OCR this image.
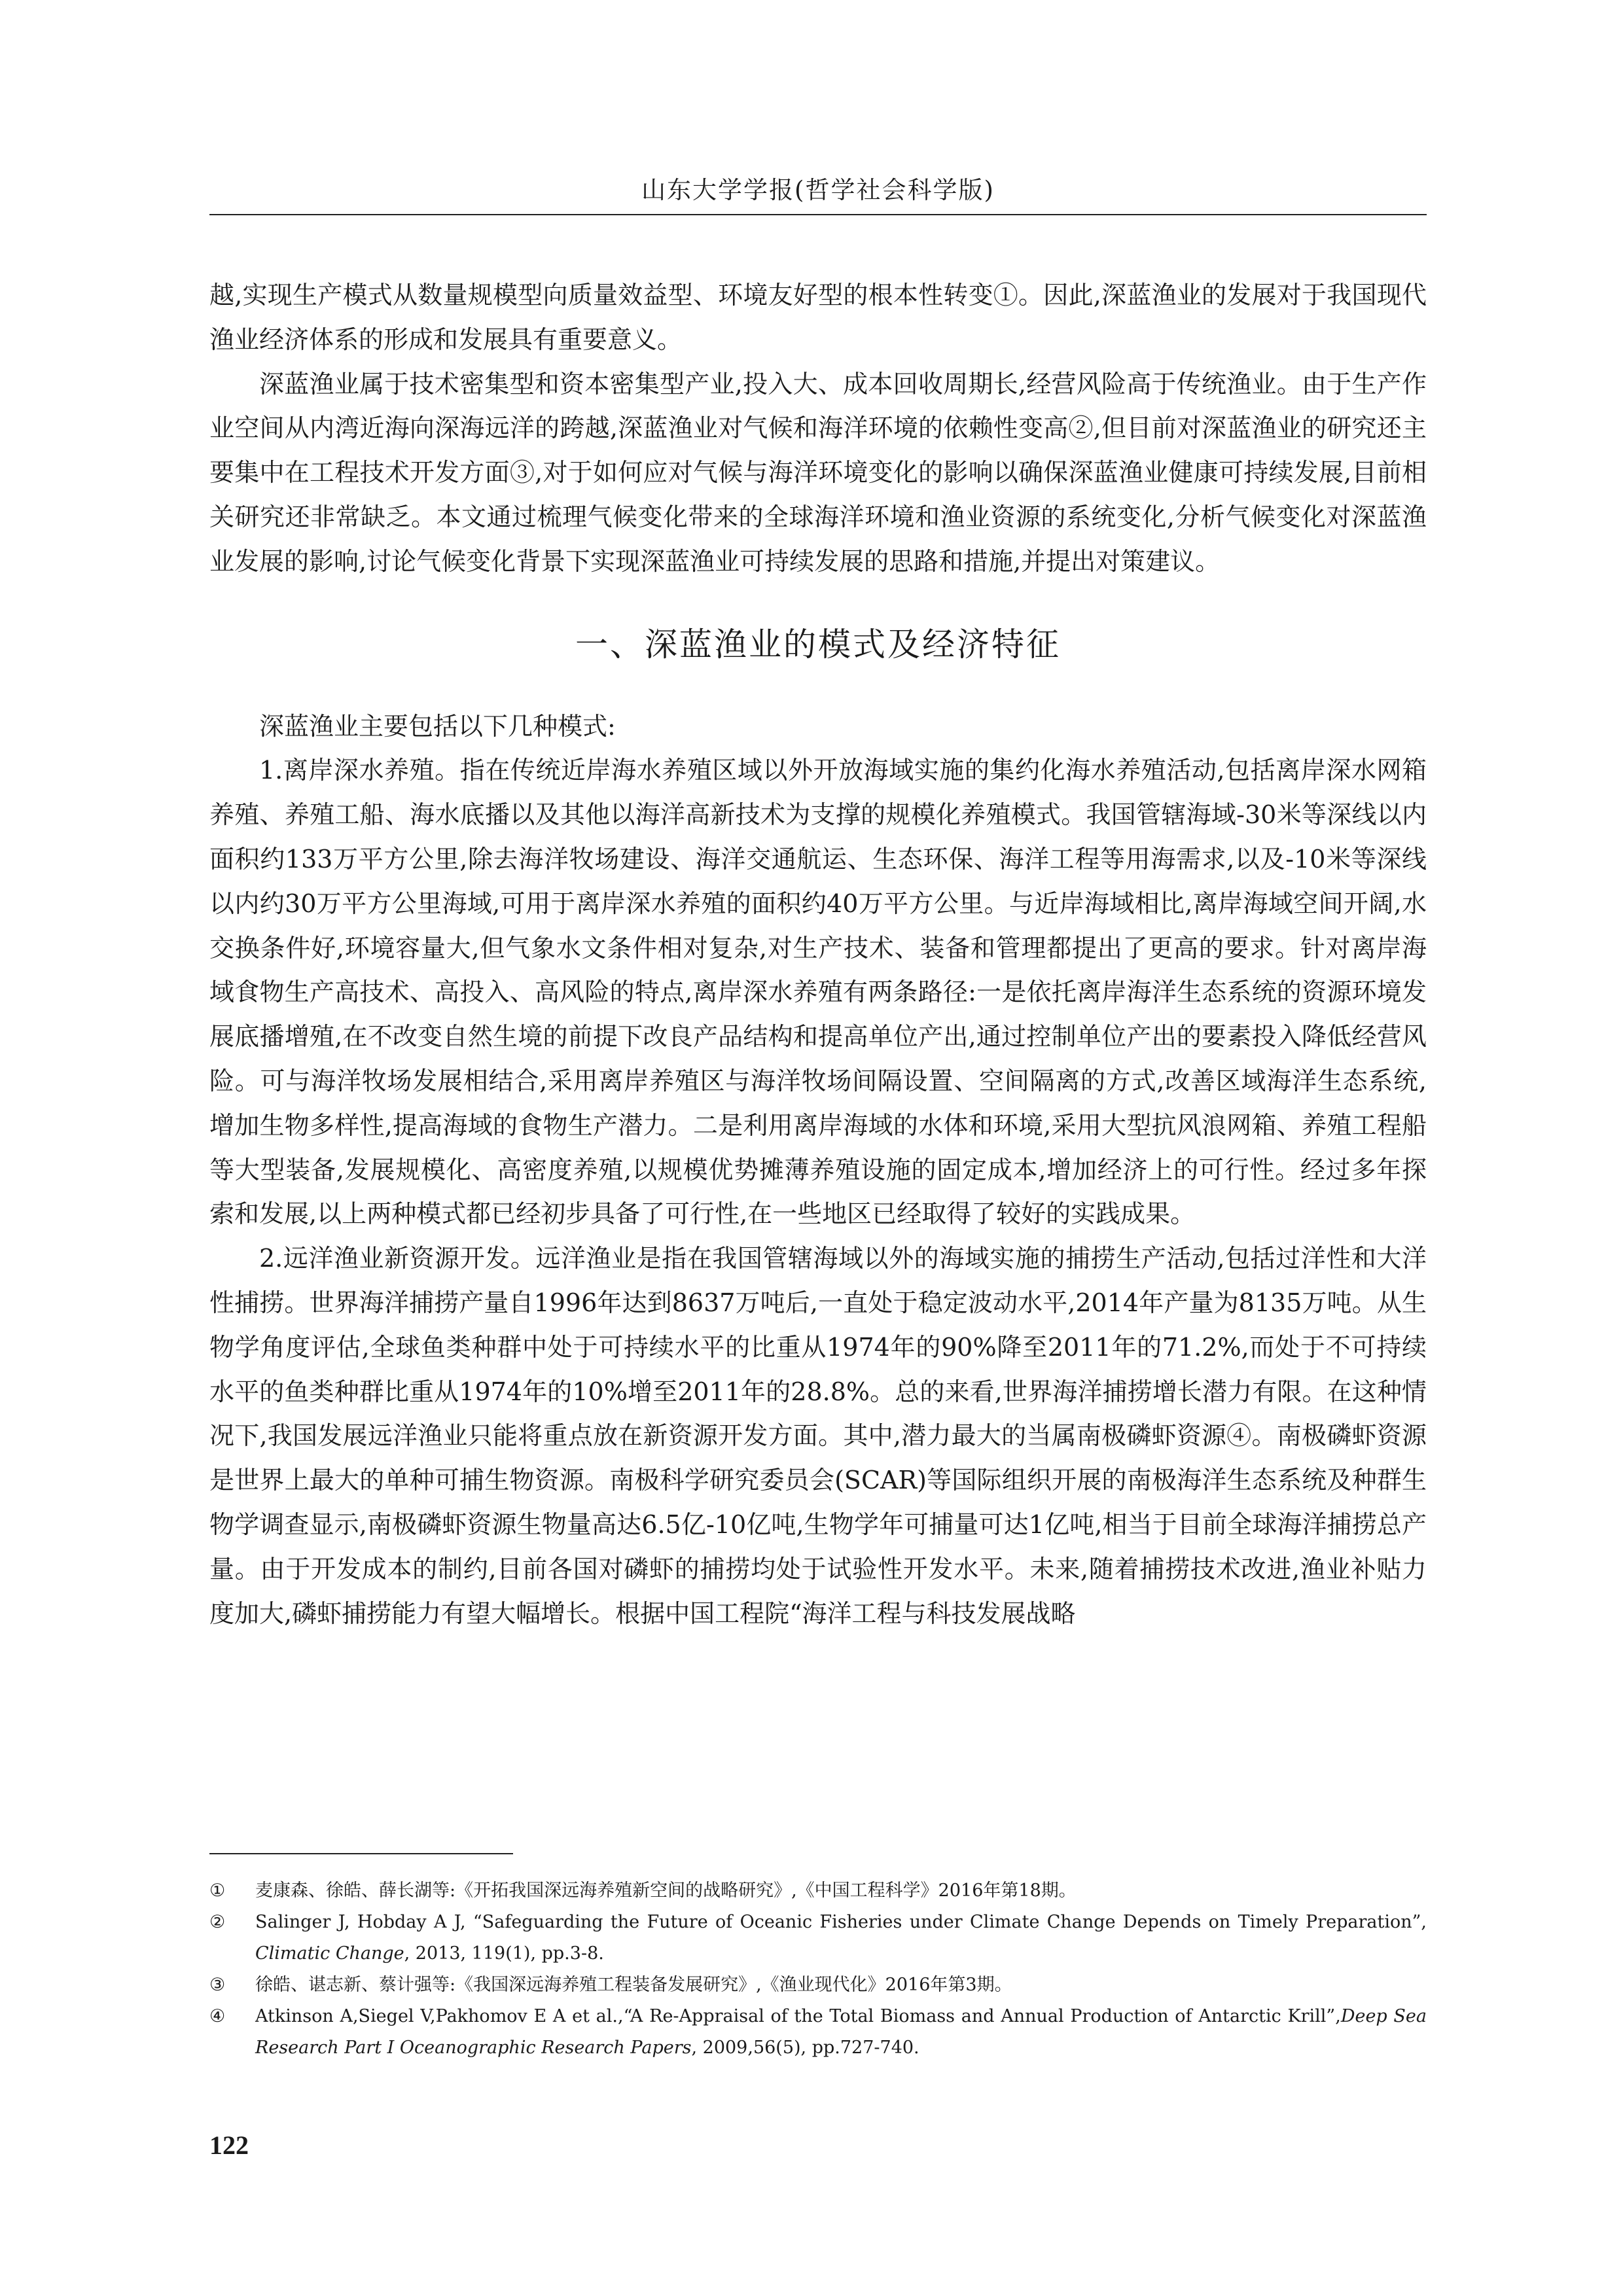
山东大学学报(哲学社会科学版)

越,实现生产模式从数量规模型向质量效益型、环境友好型的根本性转变①。因此,深蓝渔业的发展对于我国现代渔业经济体系的形成和发展具有重要意义。

深蓝渔业属于技术密集型和资本密集型产业,投入大、成本回收周期长,经营风险高于传统渔业。由于生产作业空间从内湾近海向深海远洋的跨越,深蓝渔业对气候和海洋环境的依赖性变高②,但目前对深蓝渔业的研究还主要集中在工程技术开发方面③,对于如何应对气候与海洋环境变化的影响以确保深蓝渔业健康可持续发展,目前相关研究还非常缺乏。本文通过梳理气候变化带来的全球海洋环境和渔业资源的系统变化,分析气候变化对深蓝渔业发展的影响,讨论气候变化背景下实现深蓝渔业可持续发展的思路和措施,并提出对策建议。

一、深蓝渔业的模式及经济特征

深蓝渔业主要包括以下几种模式:

1.离岸深水养殖。指在传统近岸海水养殖区域以外开放海域实施的集约化海水养殖活动,包括离岸深水网箱养殖、养殖工船、海水底播以及其他以海洋高新技术为支撑的规模化养殖模式。我国管辖海域-30米等深线以内面积约133万平方公里,除去海洋牧场建设、海洋交通航运、生态环保、海洋工程等用海需求,以及-10米等深线以内约30万平方公里海域,可用于离岸深水养殖的面积约40万平方公里。与近岸海域相比,离岸海域空间开阔,水交换条件好,环境容量大,但气象水文条件相对复杂,对生产技术、装备和管理都提出了更高的要求。针对离岸海域食物生产高技术、高投入、高风险的特点,离岸深水养殖有两条路径:一是依托离岸海洋生态系统的资源环境发展底播增殖,在不改变自然生境的前提下改良产品结构和提高单位产出,通过控制单位产出的要素投入降低经营风险。可与海洋牧场发展相结合,采用离岸养殖区与海洋牧场间隔设置、空间隔离的方式,改善区域海洋生态系统,增加生物多样性,提高海域的食物生产潜力。二是利用离岸海域的水体和环境,采用大型抗风浪网箱、养殖工程船等大型装备,发展规模化、高密度养殖,以规模优势摊薄养殖设施的固定成本,增加经济上的可行性。经过多年探索和发展,以上两种模式都已经初步具备了可行性,在一些地区已经取得了较好的实践成果。

2.远洋渔业新资源开发。远洋渔业是指在我国管辖海域以外的海域实施的捕捞生产活动,包括过洋性和大洋性捕捞。世界海洋捕捞产量自1996年达到8637万吨后,一直处于稳定波动水平,2014年产量为8135万吨。从生物学角度评估,全球鱼类种群中处于可持续水平的比重从1974年的90%降至2011年的71.2%,而处于不可持续水平的鱼类种群比重从1974年的10%增至2011年的28.8%。总的来看,世界海洋捕捞增长潜力有限。在这种情况下,我国发展远洋渔业只能将重点放在新资源开发方面。其中,潜力最大的当属南极磷虾资源④。南极磷虾资源是世界上最大的单种可捕生物资源。南极科学研究委员会(SCAR)等国际组织开展的南极海洋生态系统及种群生物学调查显示,南极磷虾资源生物量高达6.5亿-10亿吨,生物学年可捕量可达1亿吨,相当于目前全球海洋捕捞总产量。由于开发成本的制约,目前各国对磷虾的捕捞均处于试验性开发水平。未来,随着捕捞技术改进,渔业补贴力度加大,磷虾捕捞能力有望大幅增长。根据中国工程院“海洋工程与科技发展战略

①	麦康森、徐皓、薛长湖等:《开拓我国深远海养殖新空间的战略研究》,《中国工程科学》2016年第18期。
②	Salinger J, Hobday A J, “Safeguarding the Future of Oceanic Fisheries under Climate Change Depends on Timely Preparation”, Climatic Change, 2013, 119(1), pp.3-8.
③	徐皓、谌志新、蔡计强等:《我国深远海养殖工程装备发展研究》,《渔业现代化》2016年第3期。
④	Atkinson A,Siegel V,Pakhomov E A et al.,“A Re-Appraisal of the Total Biomass and Annual Production of Antarctic Krill”,Deep Sea Research Part I Oceanographic Research Papers, 2009,56(5), pp.727-740.
122
